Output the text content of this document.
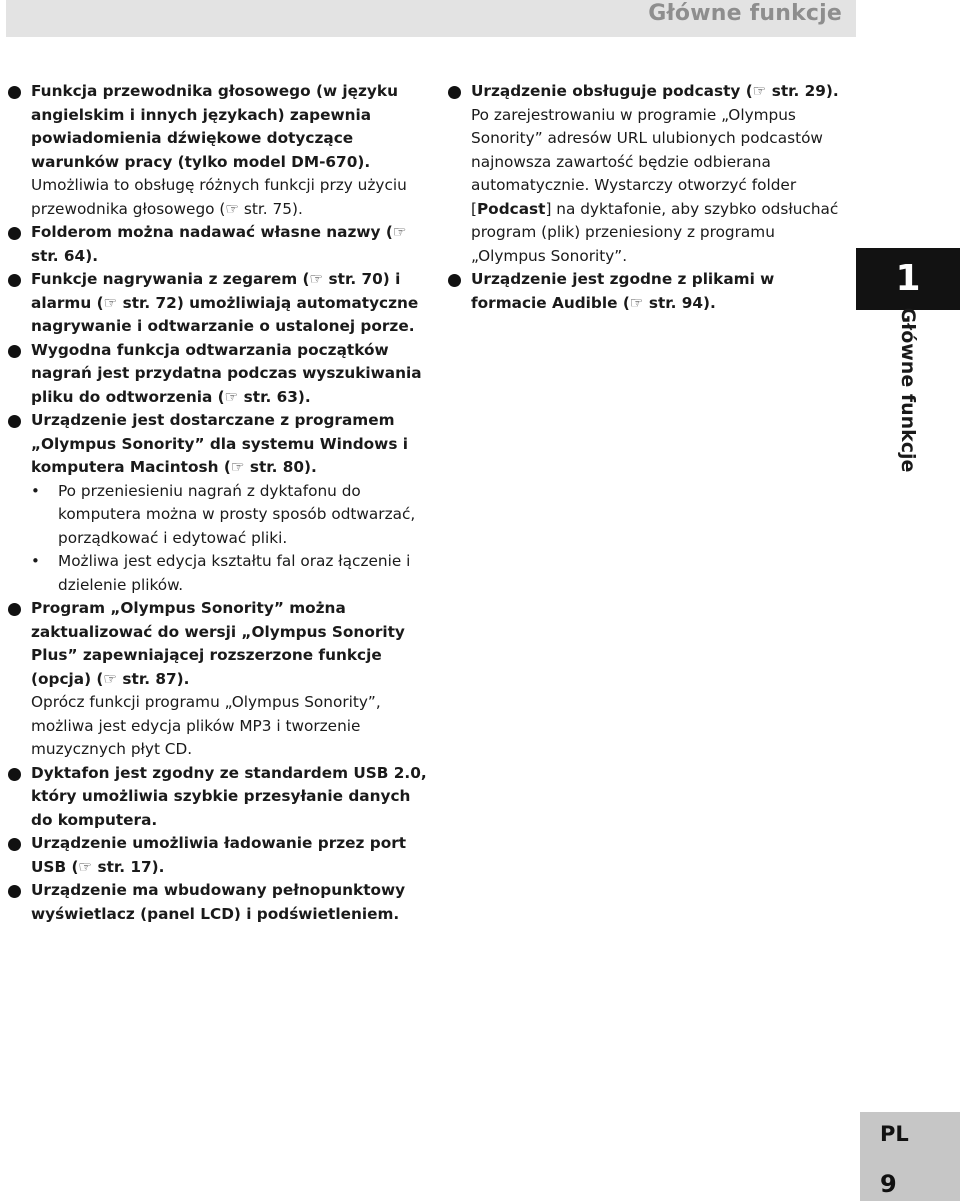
Główne funkcje

Funkcja przewodnika głosowego (w języku angielskim i innych językach) zapewnia powiadomienia dźwiękowe dotyczące warunków pracy (tylko model DM-670).

Umożliwia to obsługę różnych funkcji przy użyciu przewodnika głosowego (☞ str. 75).

Folderom można nadawać własne nazwy (☞ str. 64).

Funkcje nagrywania z zegarem (☞ str. 70) i alarmu (☞ str. 72) umożliwiają automatyczne nagrywanie i odtwarzanie o ustalonej porze.

Wygodna funkcja odtwarzania początków nagrań jest przydatna podczas wyszukiwania pliku do odtworzenia (☞ str. 63).

Urządzenie jest dostarczane z programem „Olympus Sonority” dla systemu Windows i komputera Macintosh (☞ str. 80).

• Po przeniesieniu nagrań z dyktafonu do komputera można w prosty sposób odtwarzać, porządkować i edytować pliki.

• Możliwa jest edycja kształtu fal oraz łączenie i dzielenie plików.

Program „Olympus Sonority” można zaktualizować do wersji „Olympus Sonority Plus” zapewniającej rozszerzone funkcje (opcja) (☞ str. 87).

Oprócz funkcji programu „Olympus Sonority”, możliwa jest edycja plików MP3 i tworzenie muzycznych płyt CD.

Dyktafon jest zgodny ze standardem USB 2.0, który umożliwia szybkie przesyłanie danych do komputera.

Urządzenie umożliwia ładowanie przez port USB (☞ str. 17).

Urządzenie ma wbudowany pełnopunktowy wyświetlacz (panel LCD) i podświetleniem.

Urządzenie obsługuje podcasty (☞ str. 29).

Po zarejestrowaniu w programie „Olympus Sonority” adresów URL ulubionych podcastów najnowsza zawartość będzie odbierana automatycznie. Wystarczy otworzyć folder [Podcast] na dyktafonie, aby szybko odsłuchać program (plik) przeniesiony z programu „Olympus Sonority”.

Urządzenie jest zgodne z plikami w formacie Audible (☞ str. 94).

1
Główne funkcje
PL
9
